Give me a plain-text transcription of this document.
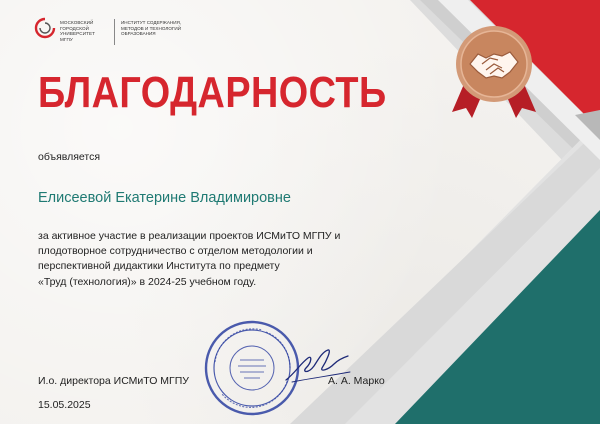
МОСКОВСКИЙ
ГОРОДСКОЙ
УНИВЕРСИТЕТ
МГПУ
ИНСТИТУТ СОДЕРЖАНИЯ,
МЕТОДОВ И ТЕХНОЛОГИЙ
ОБРАЗОВАНИЯ
БЛАГОДАРНОСТЬ
объявляется
Елисеевой Екатерине Владимировне
за активное участие в реализации проектов ИСМиТО МГПУ и
плодотворное сотрудничество с отделом методологии и
перспективной дидактики Института по предмету
«Труд (технология)» в 2024-25 учебном году.
И.о. директора ИСМиТО МГПУ	А. А. Марко
15.05.2025
